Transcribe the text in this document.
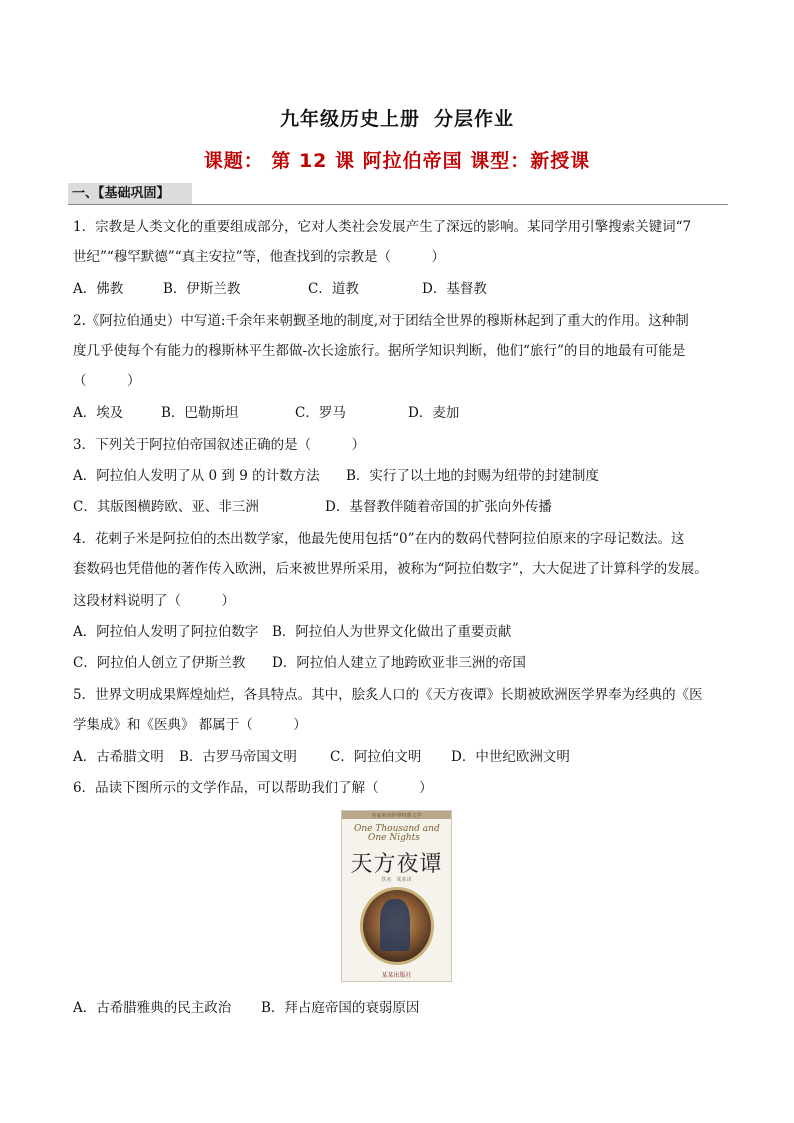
九年级历史上册 分层作业
课题： 第 12 课 阿拉伯帝国 课型：新授课
一、【基础巩固】
1．宗教是人类文化的重要组成部分，它对人类社会发展产生了深远的影响。某同学用引擎搜索关键词“7
世纪”“穆罕默德”“真主安拉”等，他查找到的宗教是（　　　）
A．佛教	B．伊斯兰教	C．道教	D．基督教
2.《阿拉伯通史）中写道:千余年来朝觐圣地的制度,对于团结全世界的穆斯林起到了重大的作用。这种制
度几乎使每个有能力的穆斯林平生都做-次长途旅行。据所学知识判断，他们“旅行”的目的地最有可能是
（　　　）
A．埃及	B．巴勒斯坦	C．罗马	D．麦加
3．下列关于阿拉伯帝国叙述正确的是（　　　）
A．阿拉伯人发明了从 0 到 9 的计数方法 B．实行了以土地的封赐为纽带的封建制度
C．其版图横跨欧、亚、非三洲	D．基督教伴随着帝国的扩张向外传播
4．花剌子米是阿拉伯的杰出数学家，他最先使用包括“0”在内的数码代替阿拉伯原来的字母记数法。这
套数码也凭借他的著作传入欧洲，后来被世界所采用，被称为“阿拉伯数字”，大大促进了计算科学的发展。
这段材料说明了（　　　）
A．阿拉伯人发明了阿拉伯数字 B．阿拉伯人为世界文化做出了重要贡献
C．阿拉伯人创立了伊斯兰教 D．阿拉伯人建立了地跨欧亚非三洲的帝国
5．世界文明成果辉煌灿烂，各具特点。其中，脍炙人口的《天方夜谭》长期被欧洲医学界奉为经典的《医
学集成》和《医典》 都属于（　　　）
A．古希腊文明 B．古罗马帝国文明 C．阿拉伯文明 D．中世纪欧洲文明
6．品读下图所示的文学作品，可以帮助我们了解（　　　）
名家名译世界经典文学
One Thousand and
One Nights
天方夜谭
佚名　某某译
某某出版社
A．古希腊雅典的民主政治 B．拜占庭帝国的衰弱原因
